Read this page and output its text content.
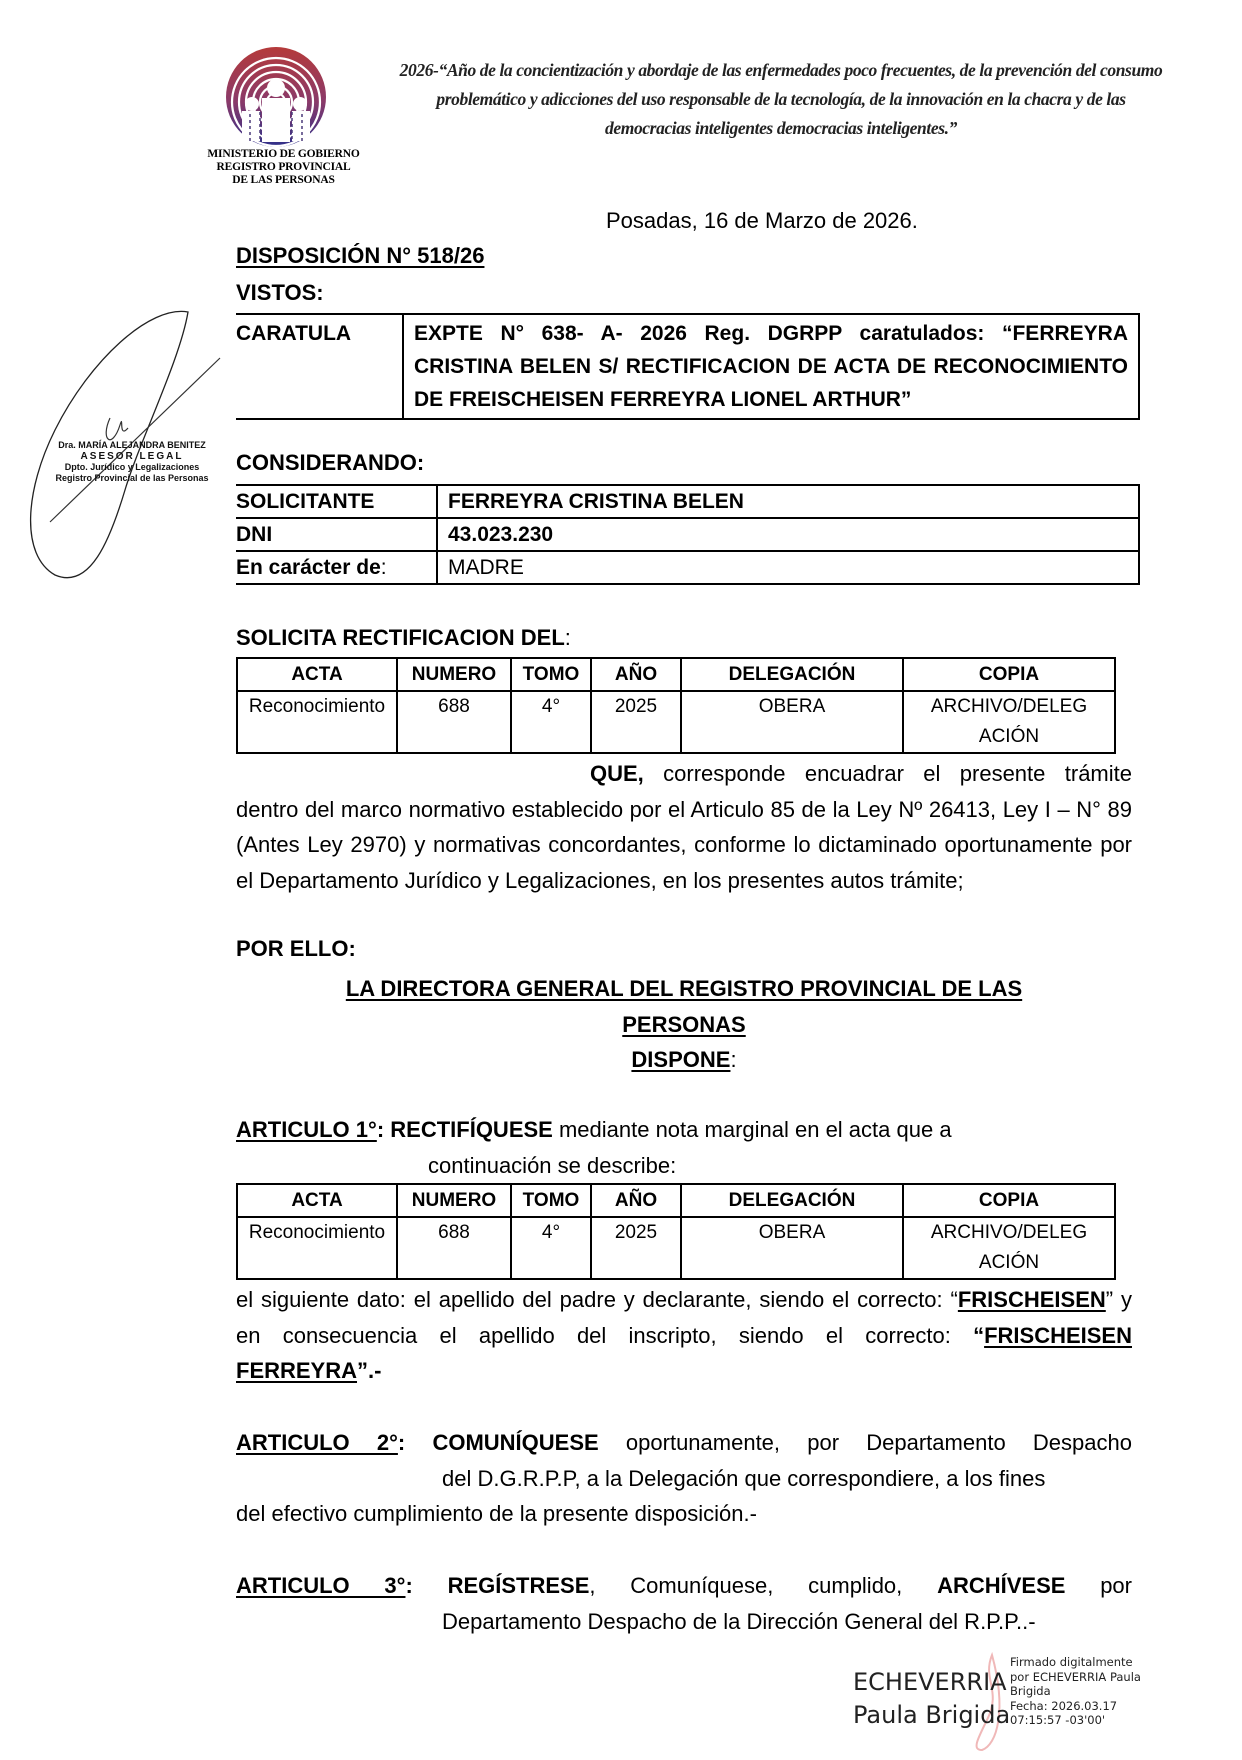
MINISTERIO DE GOBIERNO
REGISTRO PROVINCIAL
DE LAS PERSONAS
2026-“Año de la concientización y abordaje de las enfermedades poco frecuentes, de la prevención del consumo
problemático y adicciones del uso responsable de la tecnología, de la innovación en la chacra y de las
democracias inteligentes democracias inteligentes.”
Dra. MARÍA ALEJANDRA BENITEZ
ASESOR LEGAL
Dpto. Jurídico y Legalizaciones
Registro Provincial de las Personas
Posadas, 16 de Marzo de 2026.
DISPOSICIÓN N° 518/26
VISTOS:
CARATULA	EXPTE N° 638- A- 2026 Reg. DGRPP caratulados: “FERREYRA CRISTINA BELEN S/ RECTIFICACION DE ACTA DE RECONOCIMIENTO DE FREISCHEISEN FERREYRA LIONEL ARTHUR”
CONSIDERANDO:
SOLICITANTE	FERREYRA CRISTINA BELEN
DNI	43.023.230
En carácter de:	MADRE
SOLICITA RECTIFICACION DEL:
ACTA	NUMERO	TOMO	AÑO	DELEGACIÓN	COPIA
Reconocimiento	688	4°	2025	OBERA	ARCHIVO/DELEG ACIÓN
QUE, corresponde encuadrar el presente trámite dentro del marco normativo establecido por el Articulo 85 de la Ley Nº 26413, Ley I – N° 89 (Antes Ley 2970) y normativas concordantes, conforme lo dictaminado oportunamente por el Departamento Jurídico y Legalizaciones, en los presentes autos trámite;
POR ELLO:
LA DIRECTORA GENERAL DEL REGISTRO PROVINCIAL DE LAS
PERSONAS
DISPONE:
ARTICULO 1°: RECTIFÍQUESE mediante nota marginal en el acta que a
continuación se describe:
ACTA	NUMERO	TOMO	AÑO	DELEGACIÓN	COPIA
Reconocimiento	688	4°	2025	OBERA	ARCHIVO/DELEG ACIÓN
el siguiente dato: el apellido del padre y declarante, siendo el correcto: “FRISCHEISEN” y en consecuencia el apellido del inscripto, siendo el correcto: “FRISCHEISEN FERREYRA”.-
ARTICULO 2°: COMUNÍQUESE oportunamente, por Departamento Despacho
del D.G.R.P.P, a la Delegación que correspondiere, a los fines
del efectivo cumplimiento de la presente disposición.-
ARTICULO 3°: REGÍSTRESE, Comuníquese, cumplido, ARCHÍVESE por
Departamento Despacho de la Dirección General del R.P.P..-
ECHEVERRIA
Paula Brigida
Firmado digitalmente
por ECHEVERRIA Paula
Brigida
Fecha: 2026.03.17
07:15:57 -03'00'
